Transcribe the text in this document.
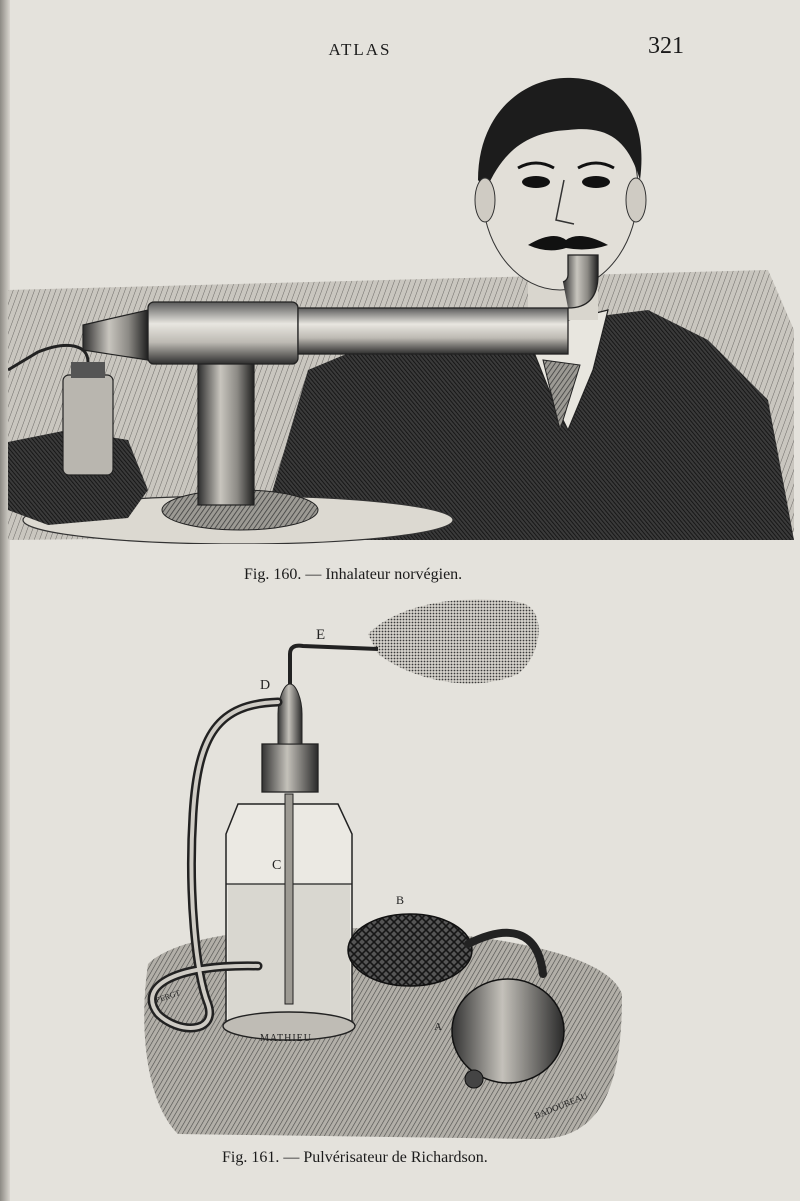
ATLAS	321
Fig. 160. — Inhalateur norvégien.
E
D
C
B
A
MATHIEU
PERGT
BADOUREAU
Fig. 161. — Pulvérisateur de Richardson.
